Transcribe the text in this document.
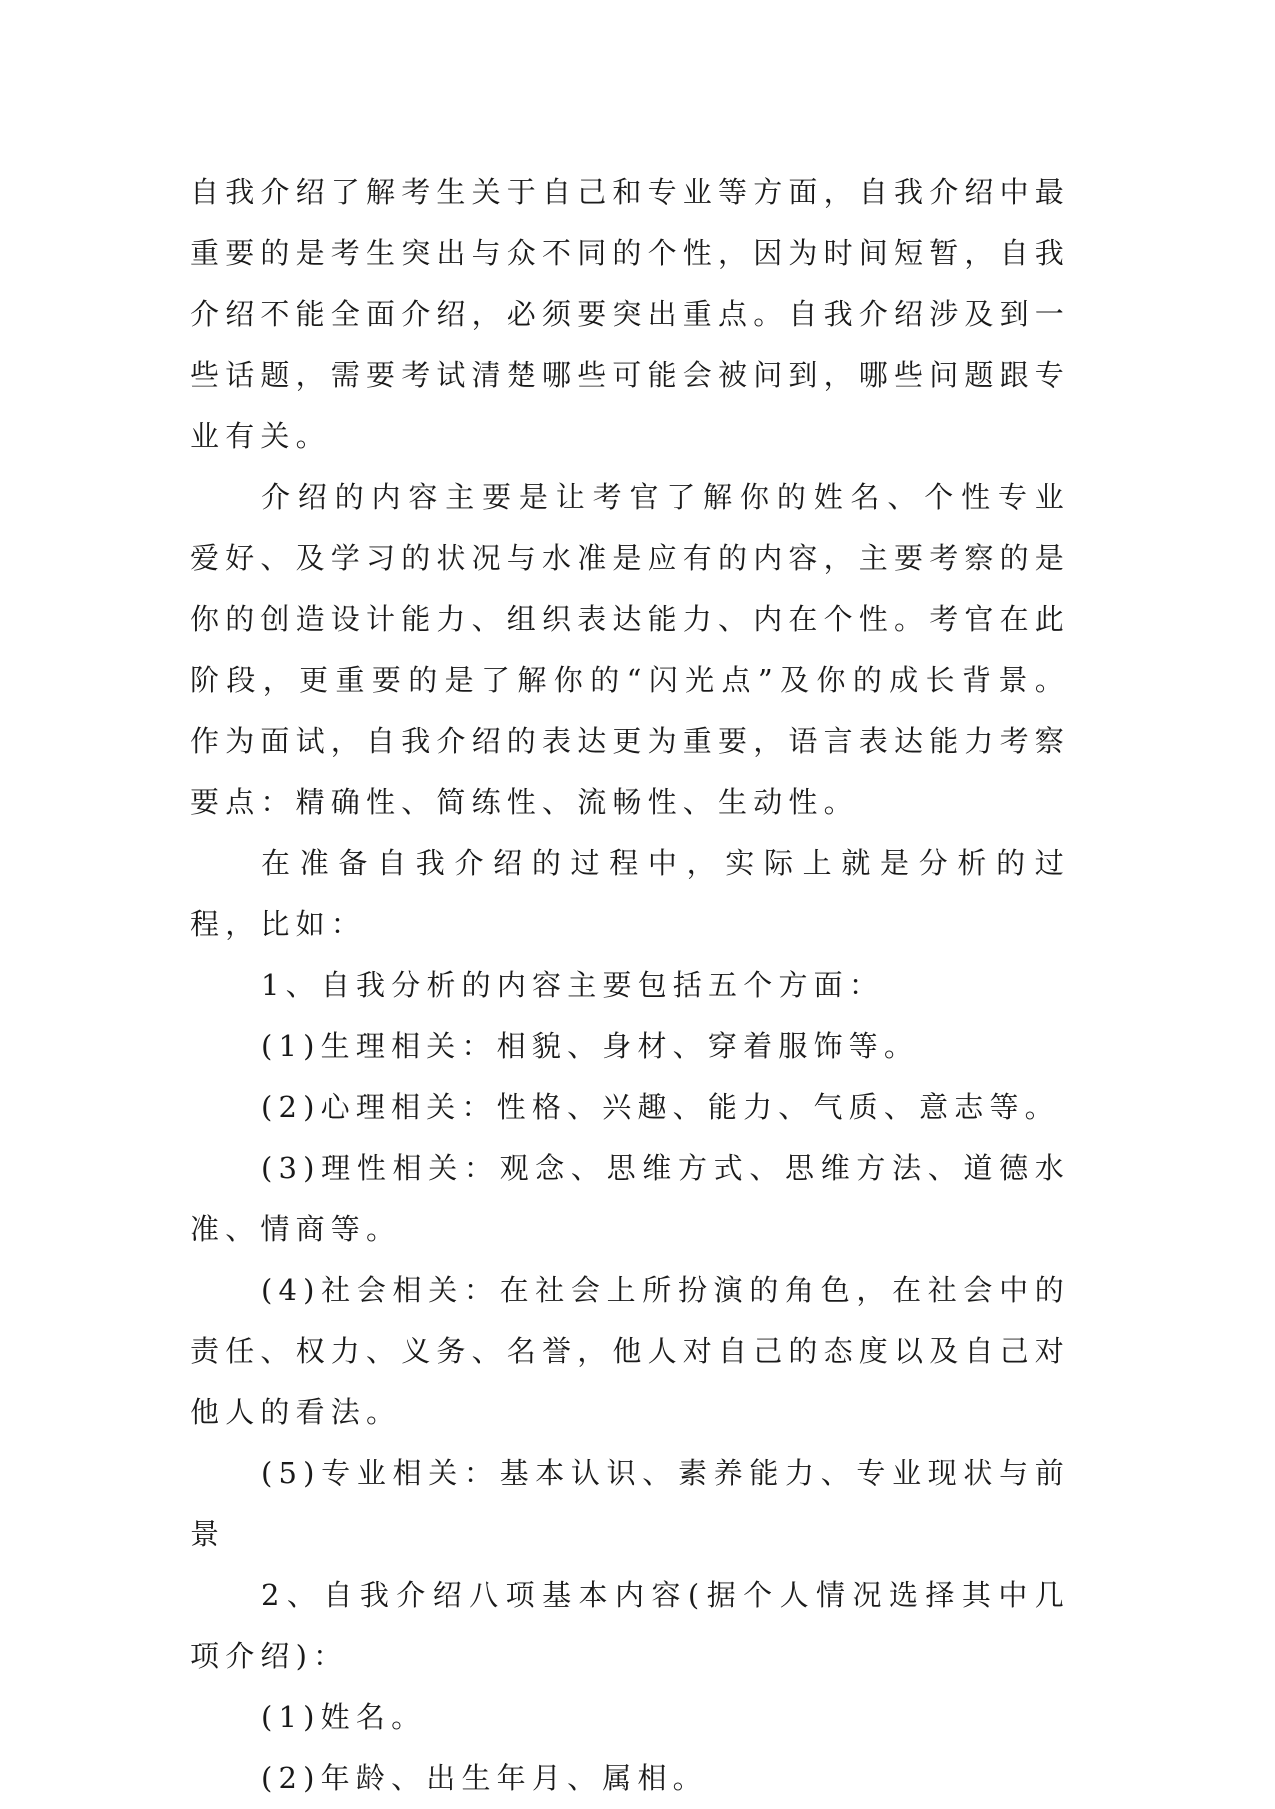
自我介绍了解考生关于自己和专业等方面，自我介绍中最重要的是考生突出与众不同的个性，因为时间短暂，自我介绍不能全面介绍，必须要突出重点。自我介绍涉及到一些话题，需要考试清楚哪些可能会被问到，哪些问题跟专业有关。

介绍的内容主要是让考官了解你的姓名、个性专业爱好、及学习的状况与水准是应有的内容，主要考察的是你的创造设计能力、组织表达能力、内在个性。考官在此阶段，更重要的是了解你的“闪光点”及你的成长背景。作为面试，自我介绍的表达更为重要，语言表达能力考察要点：精确性、简练性、流畅性、生动性。

在准备自我介绍的过程中，实际上就是分析的过程，比如：

1、自我分析的内容主要包括五个方面：

(1)生理相关：相貌、身材、穿着服饰等。

(2)心理相关：性格、兴趣、能力、气质、意志等。

(3)理性相关：观念、思维方式、思维方法、道德水准、情商等。

(4)社会相关：在社会上所扮演的角色，在社会中的责任、权力、义务、名誉，他人对自己的态度以及自己对他人的看法。

(5)专业相关：基本认识、素养能力、专业现状与前景

2、自我介绍八项基本内容(据个人情况选择其中几项介绍)：

(1)姓名。

(2)年龄、出生年月、属相。
